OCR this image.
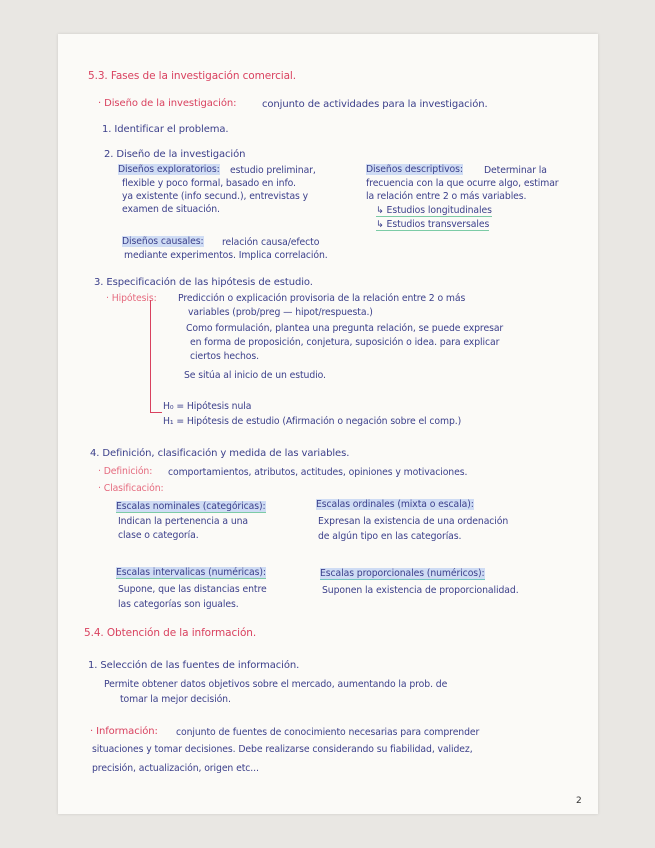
5.3. Fases de la investigación comercial.
· Diseño de la investigación:	conjunto de actividades para la investigación.
1. Identificar el problema.
2. Diseño de la investigación
Diseños exploratorios: estudio preliminar,
flexible y poco formal, basado en info.
ya existente (info secund.), entrevistas y
examen de situación.
Diseños descriptivos: Determinar la
frecuencia con la que ocurre algo, estimar
la relación entre 2 o más variables.
↳ Estudios longitudinales
↳ Estudios transversales
Diseños causales: relación causa/efecto
mediante experimentos. Implica correlación.
3. Especificación de las hipótesis de estudio.
· Hipótesis: Predicción o explicación provisoria de la relación entre 2 o más
variables (prob/preg — hipot/respuesta.)
Como formulación, plantea una pregunta relación, se puede expresar
en forma de proposición, conjetura, suposición o idea. para explicar
ciertos hechos.
Se sitúa al inicio de un estudio.
H₀ = Hipótesis nula
H₁ = Hipótesis de estudio (Afirmación o negación sobre el comp.)
4. Definición, clasificación y medida de las variables.
· Definición: comportamientos, atributos, actitudes, opiniones y motivaciones.
· Clasificación:
Escalas nominales (categóricas):
Indican la pertenencia a una
clase o categoría.
Escalas ordinales (mixta o escala):
Expresan la existencia de una ordenación
de algún tipo en las categorías.
Escalas intervalicas (numéricas):
Supone, que las distancias entre
las categorías son iguales.
Escalas proporcionales (numéricos):
Suponen la existencia de proporcionalidad.
5.4. Obtención de la información.
1. Selección de las fuentes de información.
Permite obtener datos objetivos sobre el mercado, aumentando la prob. de
tomar la mejor decisión.
· Información: conjunto de fuentes de conocimiento necesarias para comprender
situaciones y tomar decisiones. Debe realizarse considerando su fiabilidad, validez,
precisión, actualización, origen etc...
2
